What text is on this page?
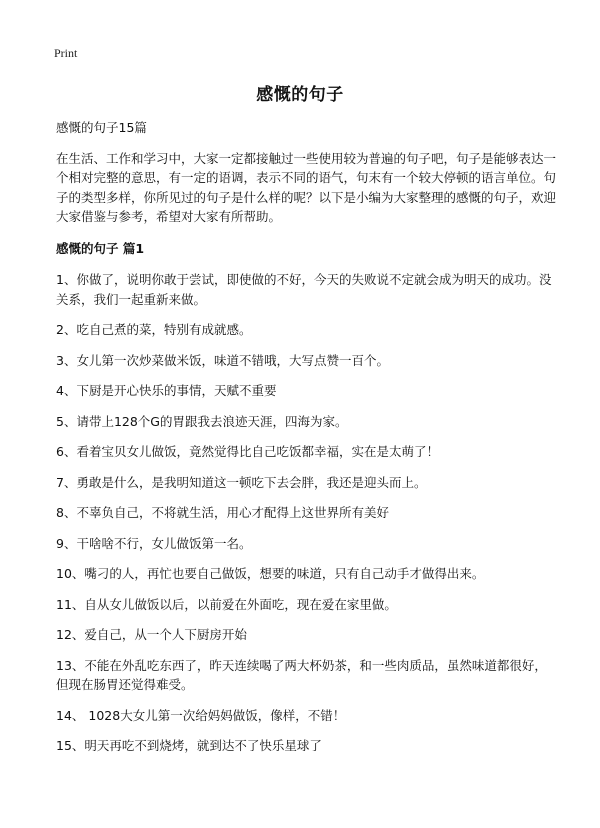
Print
感慨的句子

感慨的句子15篇

在生活、工作和学习中，大家一定都接触过一些使用较为普遍的句子吧，句子是能够表达一个相对完整的意思，有一定的语调，表示不同的语气，句末有一个较大停顿的语言单位。句子的类型多样，你所见过的句子是什么样的呢？以下是小编为大家整理的感慨的句子，欢迎大家借鉴与参考，希望对大家有所帮助。

感慨的句子 篇1

1、你做了，说明你敢于尝试，即使做的不好，今天的失败说不定就会成为明天的成功。没关系，我们一起重新来做。

2、吃自己煮的菜，特别有成就感。

3、女儿第一次炒菜做米饭，味道不错哦，大写点赞一百个。

4、下厨是开心快乐的事情，天赋不重要

5、请带上128个G的胃跟我去浪迹天涯，四海为家。

6、看着宝贝女儿做饭，竟然觉得比自己吃饭都幸福，实在是太萌了！

7、勇敢是什么，是我明知道这一顿吃下去会胖，我还是迎头而上。

8、不辜负自己，不将就生活，用心才配得上这世界所有美好

9、干啥啥不行，女儿做饭第一名。

10、嘴刁的人，再忙也要自己做饭，想要的味道，只有自己动手才做得出来。

11、自从女儿做饭以后，以前爱在外面吃，现在爱在家里做。

12、爱自己，从一个人下厨房开始

13、不能在外乱吃东西了，昨天连续喝了两大杯奶茶，和一些肉质品，虽然味道都很好，但现在肠胃还觉得难受。

14、 1028大女儿第一次给妈妈做饭，像样，不错！

15、明天再吃不到烧烤，就到达不了快乐星球了
